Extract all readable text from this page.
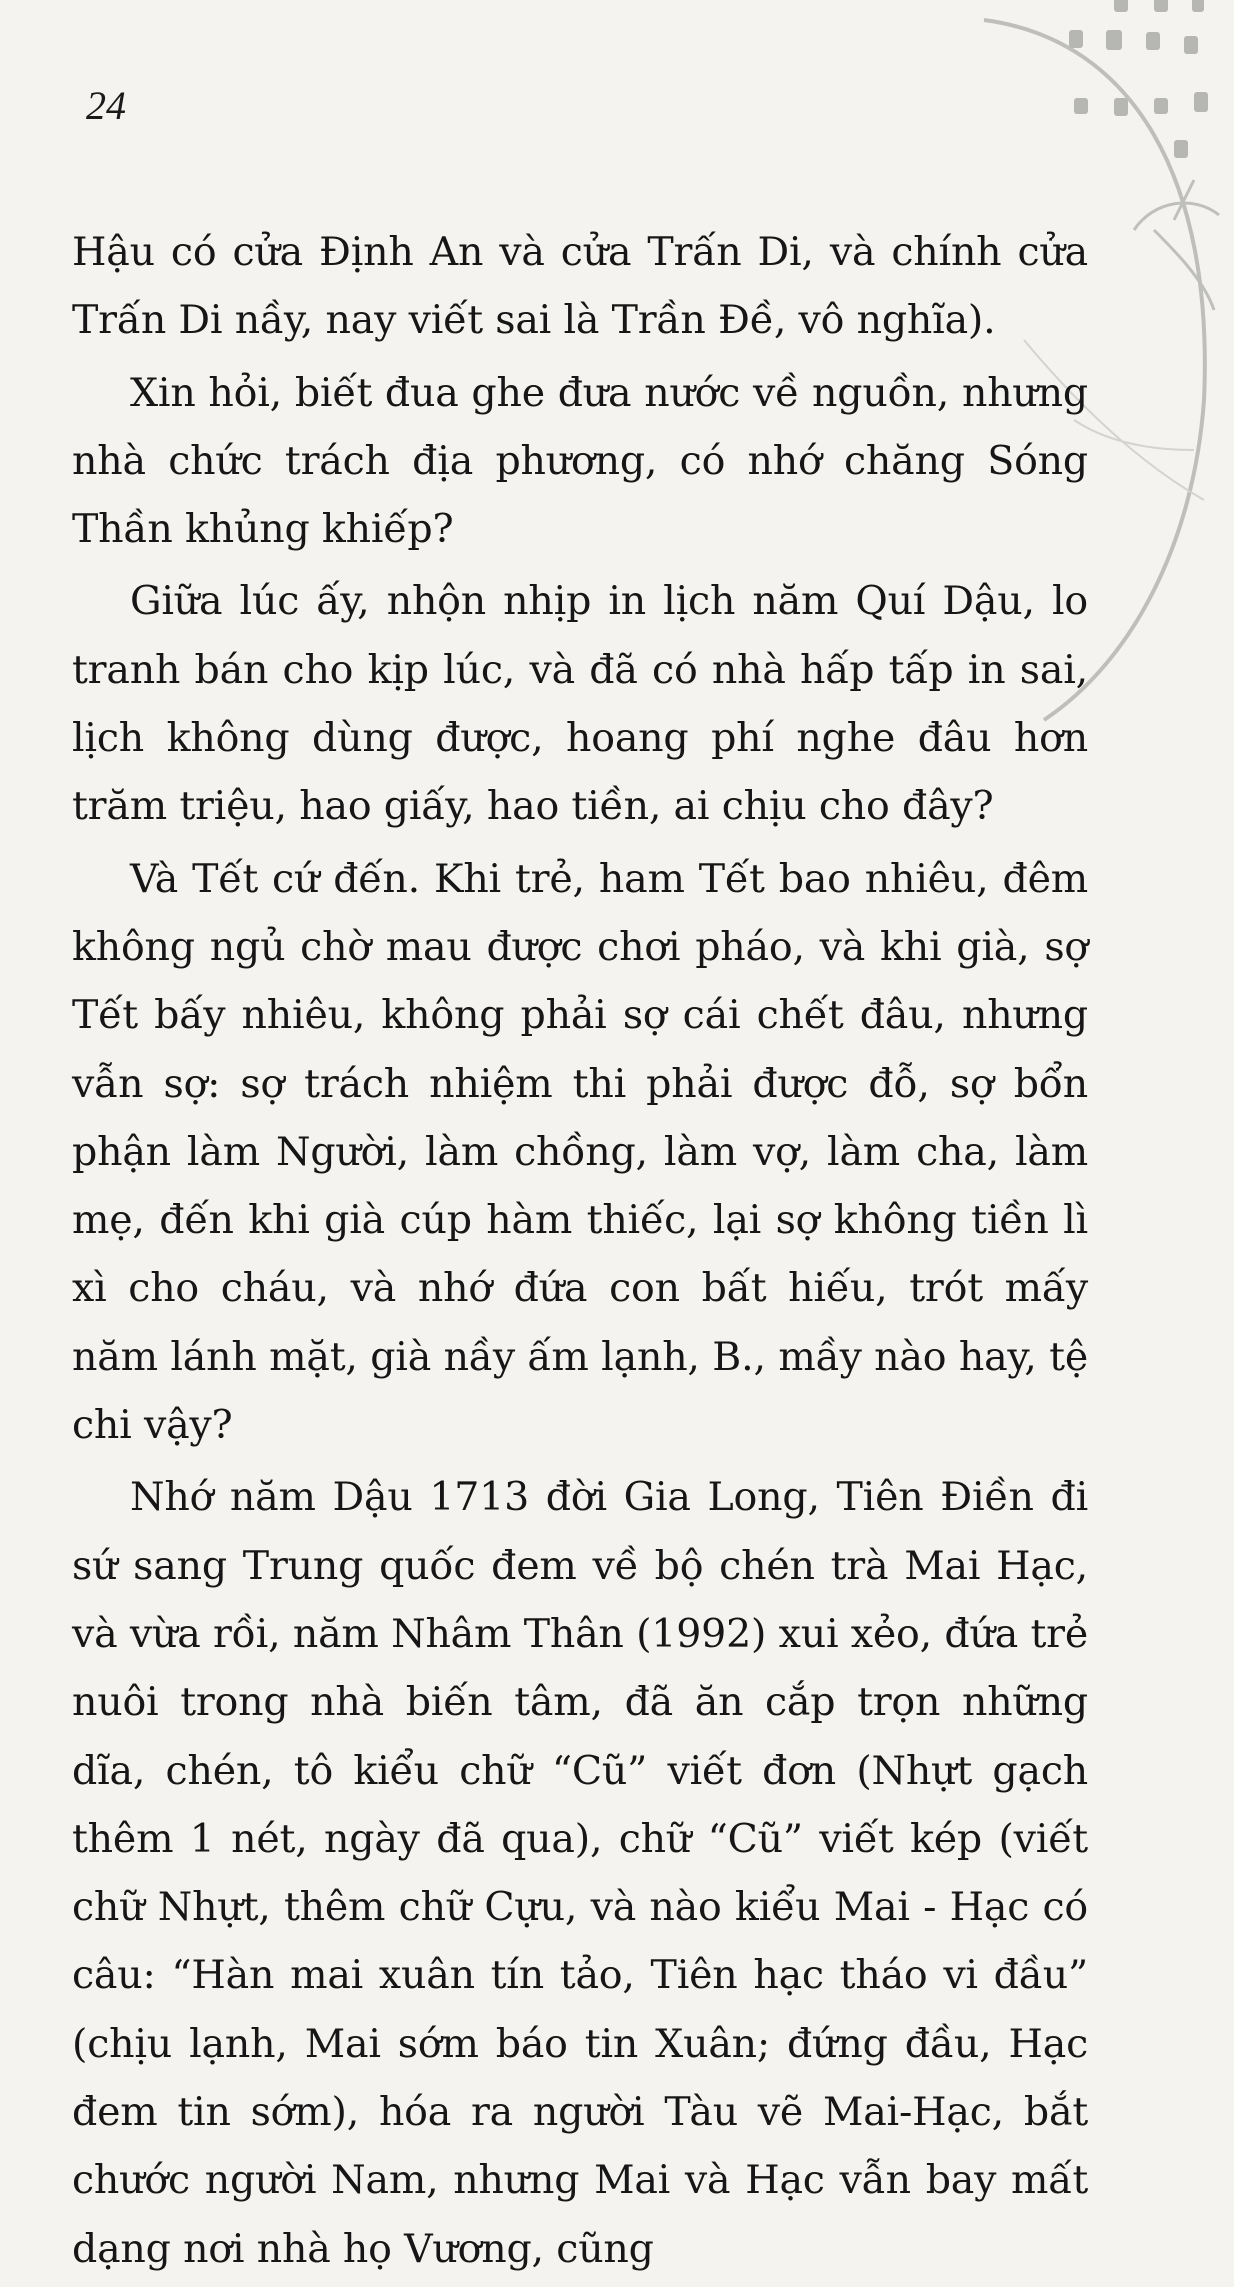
24

Hậu có cửa Định An và cửa Trấn Di, và chính cửa Trấn Di nầy, nay viết sai là Trần Đề, vô nghĩa).

Xin hỏi, biết đua ghe đưa nước về nguồn, nhưng nhà chức trách địa phương, có nhớ chăng Sóng Thần khủng khiếp?

Giữa lúc ấy, nhộn nhịp in lịch năm Quí Dậu, lo tranh bán cho kịp lúc, và đã có nhà hấp tấp in sai, lịch không dùng được, hoang phí nghe đâu hơn trăm triệu, hao giấy, hao tiền, ai chịu cho đây?

Và Tết cứ đến. Khi trẻ, ham Tết bao nhiêu, đêm không ngủ chờ mau được chơi pháo, và khi già, sợ Tết bấy nhiêu, không phải sợ cái chết đâu, nhưng vẫn sợ: sợ trách nhiệm thi phải được đỗ, sợ bổn phận làm Người, làm chồng, làm vợ, làm cha, làm mẹ, đến khi già cúp hàm thiếc, lại sợ không tiền lì xì cho cháu, và nhớ đứa con bất hiếu, trót mấy năm lánh mặt, già nầy ấm lạnh, B., mầy nào hay, tệ chi vậy?

Nhớ năm Dậu 1713 đời Gia Long, Tiên Điền đi sứ sang Trung quốc đem về bộ chén trà Mai Hạc, và vừa rồi, năm Nhâm Thân (1992) xui xẻo, đứa trẻ nuôi trong nhà biến tâm, đã ăn cắp trọn những dĩa, chén, tô kiểu chữ “Cũ” viết đơn (Nhựt gạch thêm 1 nét, ngày đã qua), chữ “Cũ” viết kép (viết chữ Nhựt, thêm chữ Cựu, và nào kiểu Mai - Hạc có câu: “Hàn mai xuân tín tảo, Tiên hạc tháo vi đầu” (chịu lạnh, Mai sớm báo tin Xuân; đứng đầu, Hạc đem tin sớm), hóa ra người Tàu vẽ Mai-Hạc, bắt chước người Nam, nhưng Mai và Hạc vẫn bay mất dạng nơi nhà họ Vương, cũng
